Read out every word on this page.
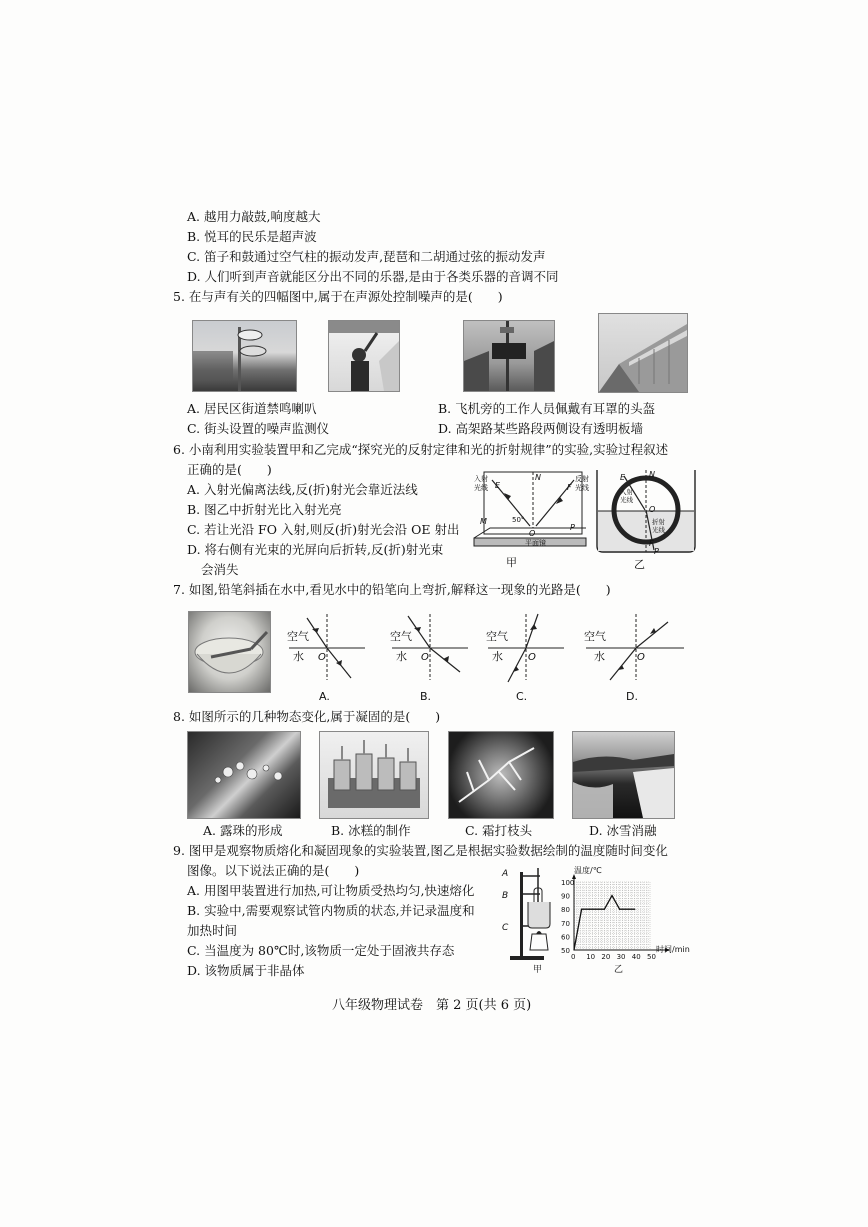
A. 越用力敲鼓,响度越大
B. 悦耳的民乐是超声波
C. 笛子和鼓通过空气柱的振动发声,琵琶和二胡通过弦的振动发声
D. 人们听到声音就能区分出不同的乐器,是由于各类乐器的音调不同
5. 在与声有关的四幅图中,属于在声源处控制噪声的是(　　)
A. 居民区街道禁鸣喇叭	B. 飞机旁的工作人员佩戴有耳罩的头盔
C. 街头设置的噪声监测仪	D. 高架路某些路段两侧设有透明板墙
6. 小南利用实验装置甲和乙完成“探究光的反射定律和光的折射规律”的实验,实验过程叙述
正确的是(　　)
A. 入射光偏离法线,反(折)射光会靠近法线
B. 图乙中折射光比入射光亮
C. 若让光沿 FO 入射,则反(折)射光会沿 OE 射出
D. 将右侧有光束的光屏向后折转,反(折)射光束
会消失
入射
光线
反射
光线
E
N
F
O
M
P
50°
平面镜
甲
E	N
O
F
P
入射
光线
折射
光线
乙
7. 如图,铅笔斜插在水中,看见水中的铅笔向上弯折,解释这一现象的光路是(　　)
空气
水 O
A.
空气
水 O
B.
空气
水	O
C.
空气
水	O
D.
8. 如图所示的几种物态变化,属于凝固的是(　　)
A. 露珠的形成	B. 冰糕的制作	C. 霜打枝头	D. 冰雪消融
9. 图甲是观察物质熔化和凝固现象的实验装置,图乙是根据实验数据绘制的温度随时间变化
图像。以下说法正确的是(　　)
A. 用图甲装置进行加热,可让物质受热均匀,快速熔化
B. 实验中,需要观察试管内物质的状态,并记录温度和
加热时间
C. 当温度为 80℃时,该物质一定处于固液共存态
D. 该物质属于非晶体
A
B
C
甲
0 10 20 30 40 50
50
60
70
80
90
100
温度/℃
时间/min
乙
八年级物理试卷　第 2 页(共 6 页)
